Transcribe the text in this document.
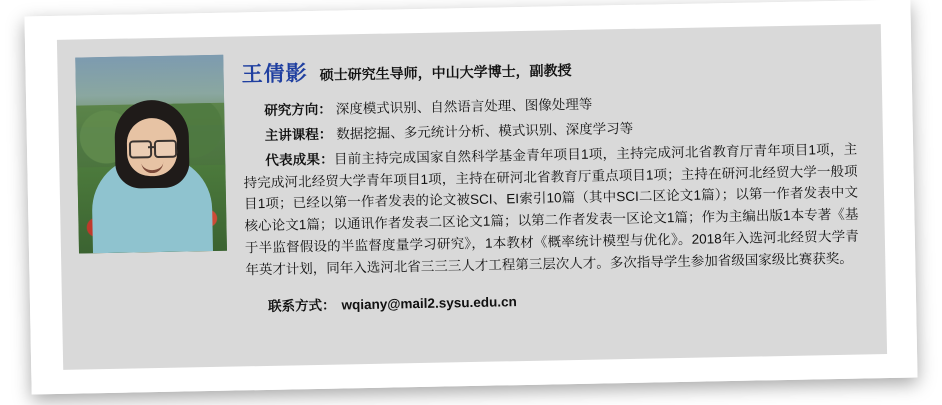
王倩影 硕士研究生导师，中山大学博士，副教授
研究方向： 深度模式识别、自然语言处理、图像处理等
主讲课程： 数据挖掘、多元统计分析、模式识别、深度学习等

代表成果：目前主持完成国家自然科学基金青年项目1项，主持完成河北省教育厅青年项目1项，主持完成河北经贸大学青年项目1项，主持在研河北省教育厅重点项目1项；主持在研河北经贸大学一般项目1项；已经以第一作者发表的论文被SCI、EI索引10篇（其中SCI二区论文1篇）；以第一作者发表中文核心论文1篇；以通讯作者发表二区论文1篇；以第二作者发表一区论文1篇；作为主编出版1本专著《基于半监督假设的半监督度量学习研究》，1本教材《概率统计模型与优化》。2018年入选河北经贸大学青年英才计划，同年入选河北省三三三人才工程第三层次人才。多次指导学生参加省级国家级比赛获奖。

联系方式： wqiany@mail2.sysu.edu.cn
